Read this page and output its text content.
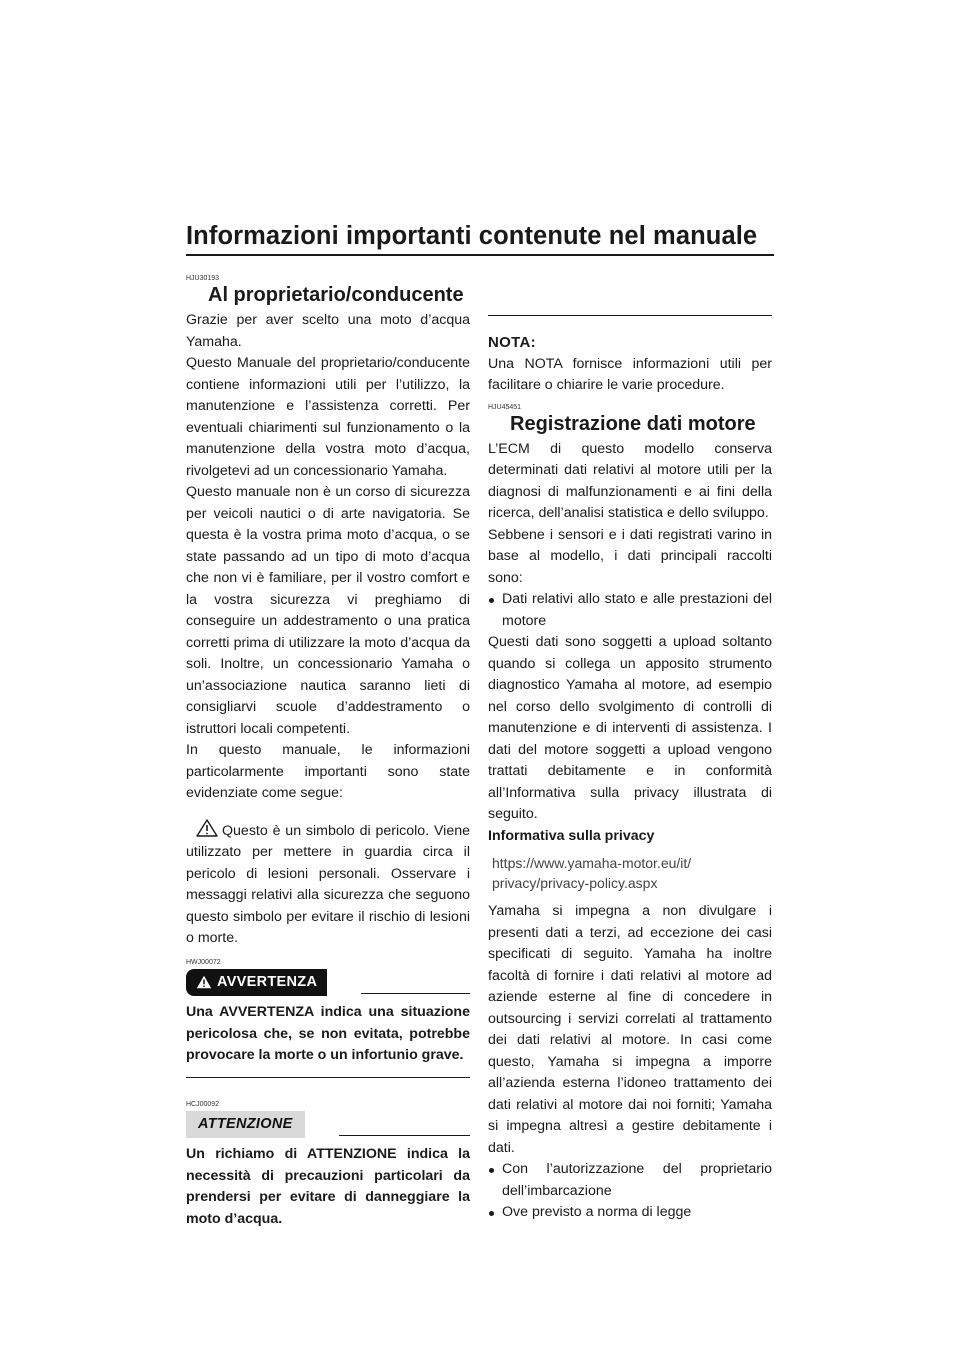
Informazioni importanti contenute nel manuale
HJU30193
Al proprietario/conducente

Grazie per aver scelto una moto d’acqua Yamaha.

Questo Manuale del proprietario/conducente contiene informazioni utili per l’utilizzo, la manutenzione e l’assistenza corretti. Per eventuali chiarimenti sul funzionamento o la manutenzione della vostra moto d’acqua, rivolgetevi ad un concessionario Yamaha.

Questo manuale non è un corso di sicurezza per veicoli nautici o di arte navigatoria. Se questa è la vostra prima moto d’acqua, o se state passando ad un tipo di moto d’acqua che non vi è familiare, per il vostro comfort e la vostra sicurezza vi preghiamo di conseguire un addestramento o una pratica corretti prima di utilizzare la moto d’acqua da soli. Inoltre, un concessionario Yamaha o un’associazione nautica saranno lieti di consigliarvi scuole d’addestramento o istruttori locali competenti.

In questo manuale, le informazioni particolarmente importanti sono state evidenziate come segue:

Questo è un simbolo di pericolo. Viene utilizzato per mettere in guardia circa il pericolo di lesioni personali. Osservare i messaggi relativi alla sicurezza che seguono questo simbolo per evitare il rischio di lesioni o morte.

HWJ00072
AVVERTENZA

Una AVVERTENZA indica una situazione pericolosa che, se non evitata, potrebbe provocare la morte o un infortunio grave.

HCJ00092
ATTENZIONE

Un richiamo di ATTENZIONE indica la necessità di precauzioni particolari da prendersi per evitare di danneggiare la moto d’acqua.

NOTA:

Una NOTA fornisce informazioni utili per facilitare o chiarire le varie procedure.

HJU45451
Registrazione dati motore

L’ECM di questo modello conserva determinati dati relativi al motore utili per la diagnosi di malfunzionamenti e ai fini della ricerca, dell’analisi statistica e dello sviluppo.

Sebbene i sensori e i dati registrati varino in base al modello, i dati principali raccolti sono:

Dati relativi allo stato e alle prestazioni del motore

Questi dati sono soggetti a upload soltanto quando si collega un apposito strumento diagnostico Yamaha al motore, ad esempio nel corso dello svolgimento di controlli di manutenzione e di interventi di assistenza. I dati del motore soggetti a upload vengono trattati debitamente e in conformità all’Informativa sulla privacy illustrata di seguito.

Informativa sulla privacy
https://www.yamaha-motor.eu/it/
privacy/privacy-policy.aspx

Yamaha si impegna a non divulgare i presenti dati a terzi, ad eccezione dei casi specificati di seguito. Yamaha ha inoltre facoltà di fornire i dati relativi al motore ad aziende esterne al fine di concedere in outsourcing i servizi correlati al trattamento dei dati relativi al motore. In casi come questo, Yamaha si impegna a imporre all’azienda esterna l’idoneo trattamento dei dati relativi al motore dai noi forniti; Yamaha si impegna altresì a gestire debitamente i dati.

Con l’autorizzazione del proprietario dell’imbarcazione
Ove previsto a norma di legge
